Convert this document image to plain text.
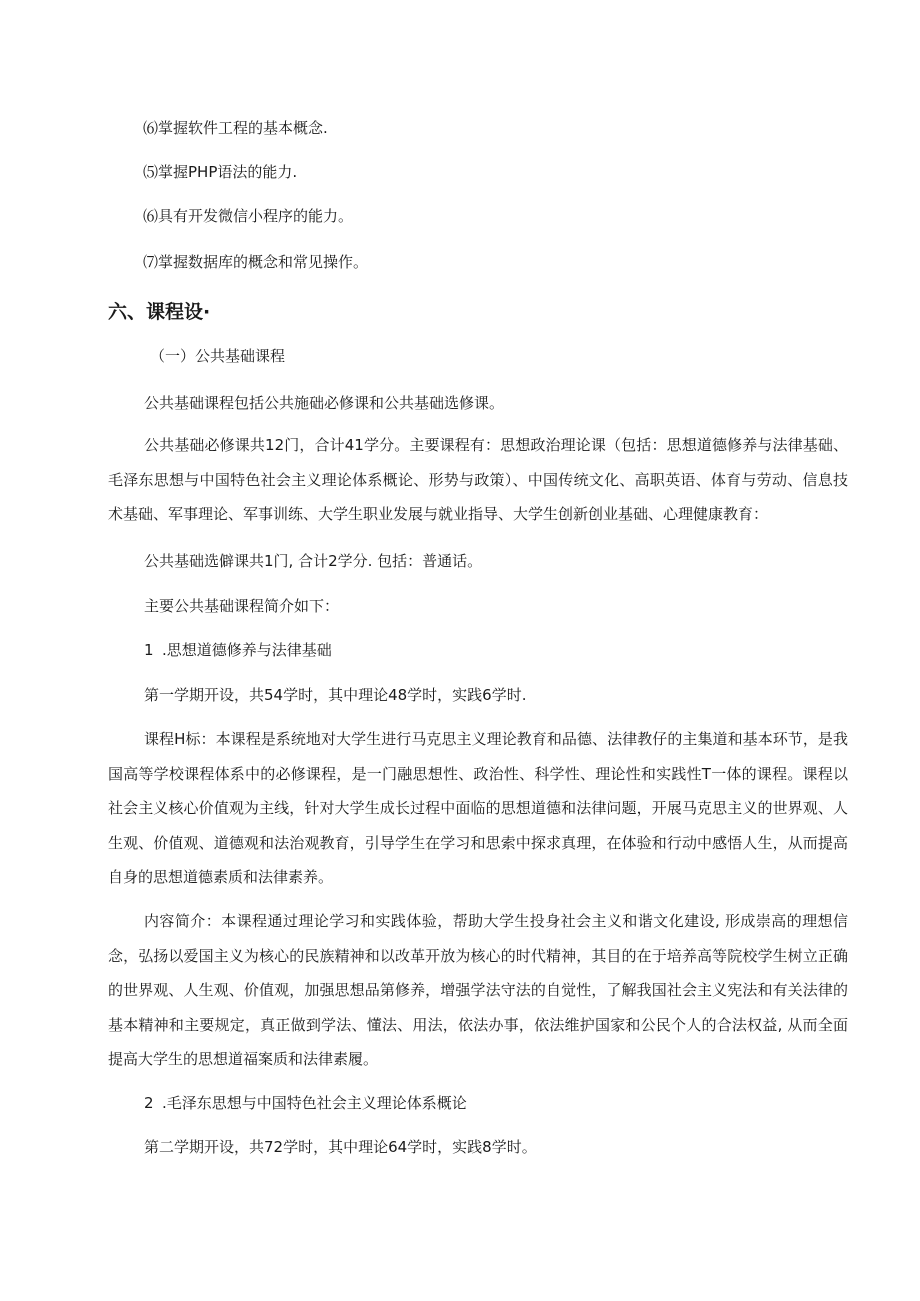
⑹掌握软件工程的基本概念.
⑸掌握PHP语法的能力.
⑹具有开发微信小程序的能力。
⑺掌握数据库的概念和常见操作。
六、课程设·
（一）公共基础课程
公共基础课程包括公共施础必修课和公共基础选修课。
公共基础必修课共12门，合计41学分。主要课程有：思想政治理论课（包括：思想道德修养与法律基础、毛泽东思想与中国特色社会主义理论体系概论、形势与政策）、中国传统文化、高职英语、体育与劳动、信息技术基础、军事理论、军事训练、大学生职业发展与就业指导、大学生创新创业基础、心理健康教育：
公共基础选僻课共1门, 合计2学分. 包括：普通话。
主要公共基础课程简介如下：
1 .思想道德修养与法律基础
第一学期开设，共54学时，其中理论48学时，实践6学时.
课程H标：本课程是系统地对大学生进行马克思主义理论教育和品德、法律教仔的主集道和基本环节，是我国高等学校课程体系中的必修课程，是一门融思想性、政治性、科学性、理论性和实践性T一体的课程。课程以社会主义核心价值观为主线，针对大学生成长过程中面临的思想道德和法律问题，开展马克思主义的世界观、人生观、价值观、道德观和法治观教育，引导学生在学习和思索中探求真理，在体验和行动中感悟人生，从而提高自身的思想道德素质和法律素养。
内容简介：本课程通过理论学习和实践体验，帮助大学生投身社会主义和谐文化建设, 形成崇高的理想信念，弘扬以爱国主义为核心的民族精神和以改革开放为核心的时代精神，其目的在于培养高等院校学生树立正确的世界观、人生观、价值观，加强思想品第修养，增强学法守法的自觉性，了解我国社会主义宪法和有关法律的基本精神和主要规定，真正做到学法、懂法、用法，依法办事，依法维护国家和公民个人的合法权益, 从而全面提高大学生的思想道福案质和法律素履。
2 .毛泽东思想与中国特色社会主义理论体系概论
第二学期开设，共72学时，其中理论64学时，实践8学时。
